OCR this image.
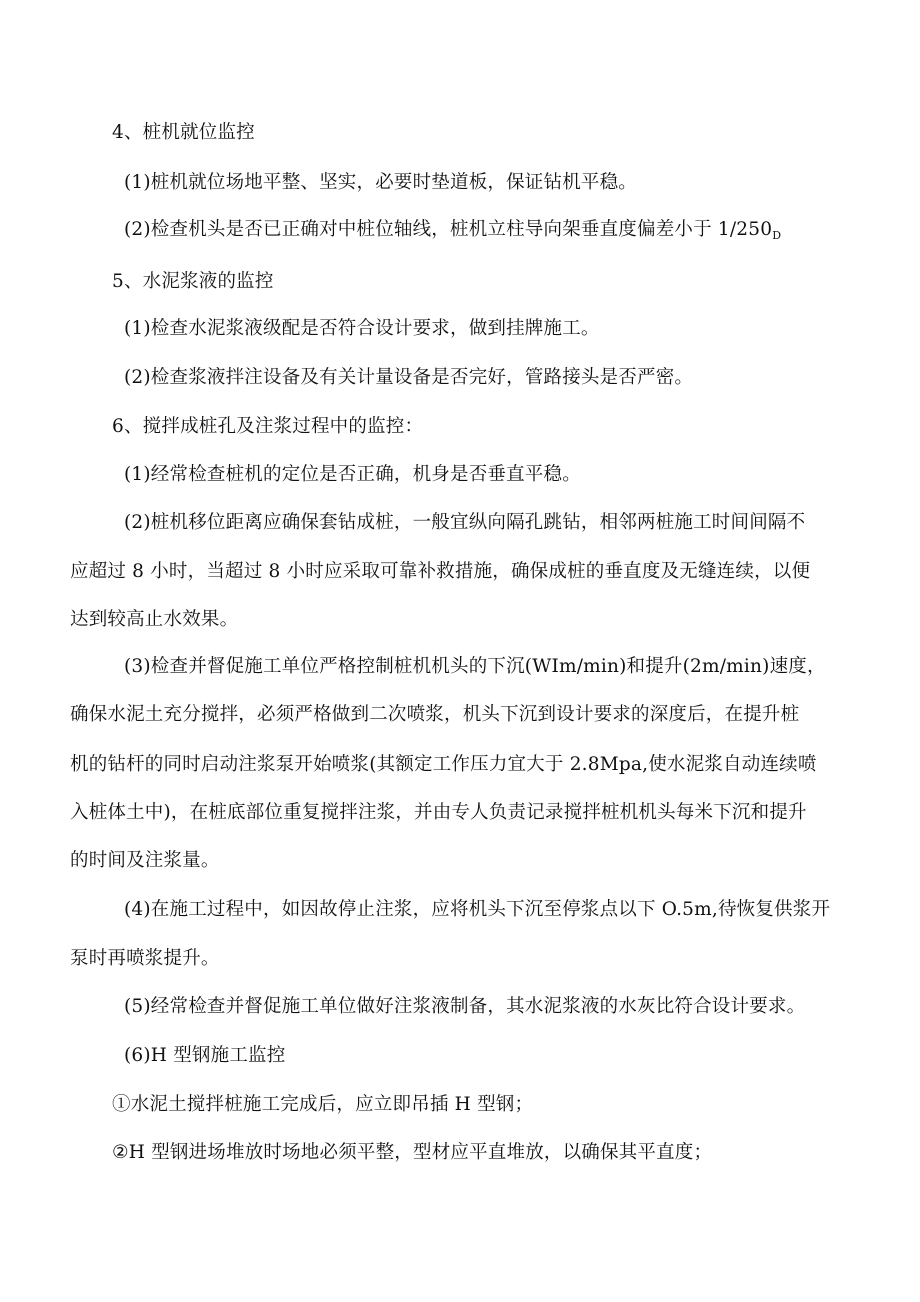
4、桩机就位监控
(1)桩机就位场地平整、坚实，必要时垫道板，保证钻机平稳。
(2)检查机头是否已正确对中桩位轴线，桩机立柱导向架垂直度偏差小于 $1/250_D$
5、水泥浆液的监控
(1)检查水泥浆液级配是否符合设计要求，做到挂牌施工。
(2)检查浆液拌注设备及有关计量设备是否完好，管路接头是否严密。
6、搅拌成桩孔及注浆过程中的监控：
(1)经常检查桩机的定位是否正确，机身是否垂直平稳。
(2)桩机移位距离应确保套钻成桩，一般宜纵向隔孔跳钻，相邻两桩施工时间间隔不
应超过 8 小时，当超过 8 小时应采取可靠补救措施，确保成桩的垂直度及无缝连续，以便
达到较高止水效果。
(3)检查并督促施工单位严格控制桩机机头的下沉(WIm/min)和提升(2m/min)速度，
确保水泥土充分搅拌，必须严格做到二次喷浆，机头下沉到设计要求的深度后，在提升桩
机的钻杆的同时启动注浆泵开始喷浆(其额定工作压力宜大于 2.8Mpa,使水泥浆自动连续喷
入桩体土中)，在桩底部位重复搅拌注浆，并由专人负责记录搅拌桩机机头每米下沉和提升
的时间及注浆量。
(4)在施工过程中，如因故停止注浆，应将机头下沉至停浆点以下 O.5m,待恢复供浆开
泵时再喷浆提升。
(5)经常检查并督促施工单位做好注浆液制备，其水泥浆液的水灰比符合设计要求。
(6)H 型钢施工监控
①水泥土搅拌桩施工完成后，应立即吊插 H 型钢；
②H 型钢进场堆放时场地必须平整，型材应平直堆放，以确保其平直度；
